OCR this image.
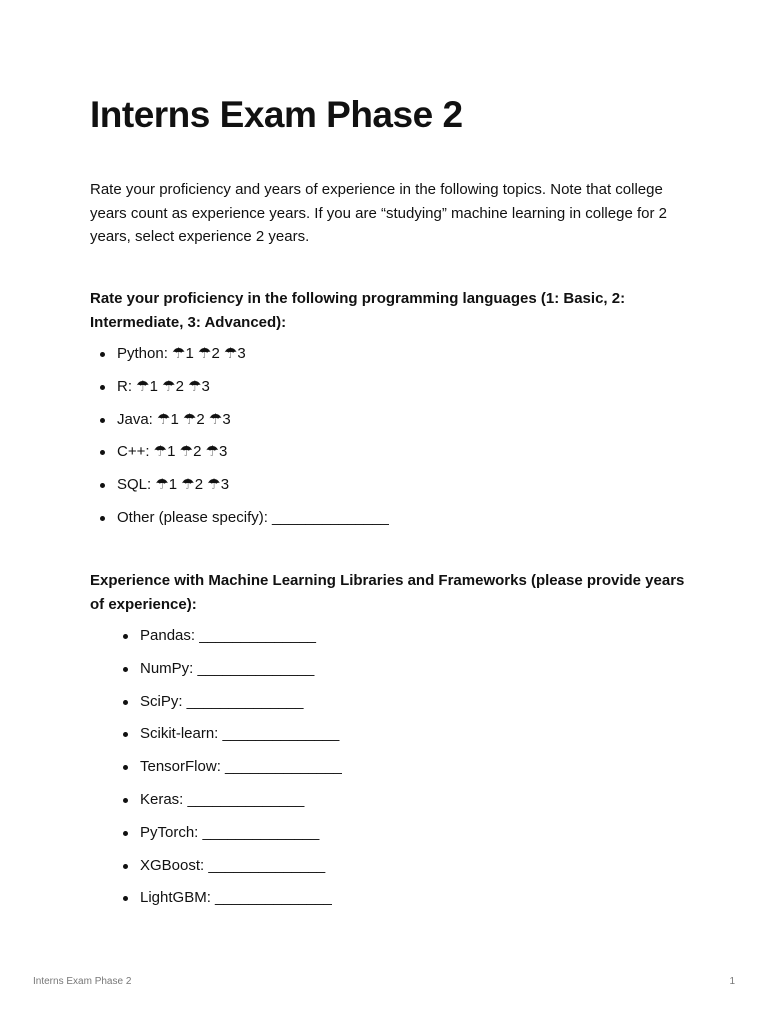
Interns Exam Phase 2

Rate your proficiency and years of experience in the following topics. Note that college years count as experience years. If you are “studying” machine learning in college for 2 years, select experience 2 years.

Rate your proficiency in the following programming languages (1: Basic, 2: Intermediate, 3: Advanced):

Python: ☂1 ☂2 ☂3
R: ☂1 ☂2 ☂3
Java: ☂1 ☂2 ☂3
C++: ☂1 ☂2 ☂3
SQL: ☂1 ☂2 ☂3
Other (please specify): ______________

Experience with Machine Learning Libraries and Frameworks (please provide years of experience):

Pandas: ______________
NumPy: ______________
SciPy: ______________
Scikit-learn: ______________
TensorFlow: ______________
Keras: ______________
PyTorch: ______________
XGBoost: ______________
LightGBM: ______________
Interns Exam Phase 2	1
